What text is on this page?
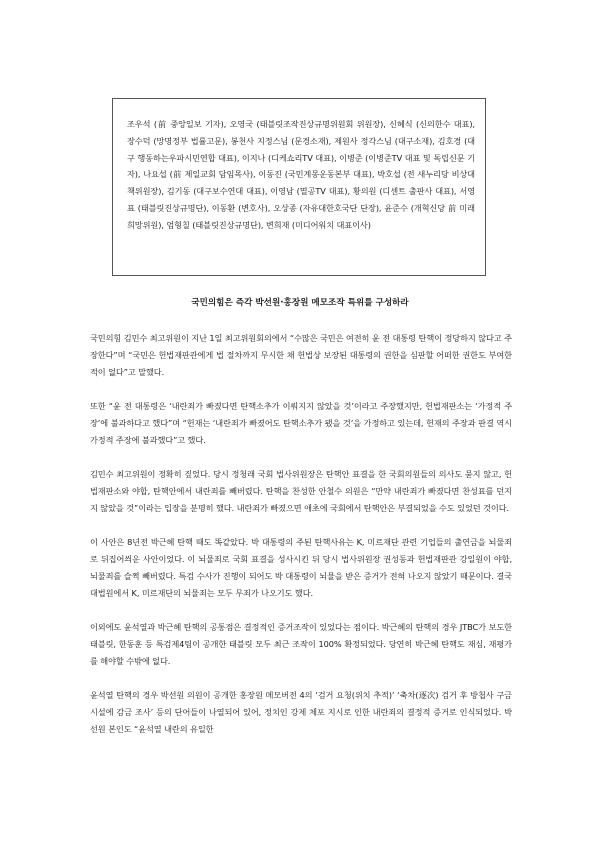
조우석 (前 중앙일보 기자), 오영국 (태블릿조작진상규명위원회 위원장), 신혜식 (신의한수 대표), 장수덕 (망명정부 법률고문), 봉천사 지정스님 (문경소재), 제원사 정각스님 (대구소재), 김호경 (대구 행동하는우파시민연합 대표), 이지나 (디케쇼리TV 대표), 이병준 (이병준TV 대표 및 독립신문 기자), 나요섭 (前 제일교회 담임목사), 이동진 (국민계몽운동본부 대표), 박호섭 (전 새누리당 비상대책위원장), 김기동 (대구보수연대 대표), 이영남 (멸공TV 대표), 황의원 (디센트 출판사 대표), 서영표 (태블릿진상규명단), 이동환 (변호사), 오상종 (자유대한호국단 단장), 윤준수 (개혁신당 前 미래희망위원), 엄형칠 (태블릿진상규명단), 변희재 (미디어워치 대표이사)

국민의힘은 즉각 박선원·홍장원 메모조작 특위를 구성하라

국민의힘 김민수 최고위원이 지난 1일 최고위원회의에서 “수많은 국민은 여전히 윤 전 대통령 탄핵이 정당하지 않다고 주장한다”며 “국민은 헌법재판관에게 법 절차까지 무시한 채 헌법상 보장된 대통령의 권한을 심판할 어떠한 권한도 부여한 적이 없다”고 말했다.

또한 “윤 전 대통령은 ‘내란죄가 빠졌다면 탄핵소추가 이뤄지지 않았을 것’이라고 주장했지만, 헌법재판소는 ‘가정적 주장’에 불과하다고 했다”며 “헌재는 ‘내란죄가 빠졌어도 탄핵소추가 됐을 것’을 가정하고 있는데, 헌재의 주장과 판결 역시 가정적 주장에 불과했다”고 했다.

김민수 최고위원이 정확히 짚었다. 당시 정청래 국회 법사위원장은 탄핵안 표결을 한 국회의원들의 의사도 묻지 않고, 헌법재판소와 야합, 탄핵안에서 내란죄를 빼버렸다. 탄핵을 찬성한 안철수 의원은 “만약 내란죄가 빠졌다면 찬성표를 던지지 않았을 것”이라는 입장을 분명히 했다. 내란죄가 빠졌으면 애초에 국회에서 탄핵안은 부결되었을 수도 있었던 것이다.

이 사안은 8년전 박근혜 탄핵 때도 똑같았다. 박 대통령의 주된 탄핵사유는 K, 미르재단 관련 기업들의 출연금을 뇌물죄로 뒤집어씌운 사안이었다. 이 뇌물죄로 국회 표결을 성사시킨 뒤 당시 법사위원장 권성동과 헌법재판관 강일원이 야합, 뇌물죄를 슬쩍 빼버렸다. 특검 수사가 진행이 되어도 박 대통령이 뇌물을 받은 증거가 전혀 나오지 않았기 때문이다. 결국 대법원에서 K, 미르재단의 뇌물죄는 모두 무죄가 나오기도 했다.

이외에도 윤석열과 박근혜 탄핵의 공통점은 결정적인 증거조작이 있었다는 점이다. 박근혜의 탄핵의 경우 JTBC가 보도한 태블릿, 한동훈 등 특검제4팀이 공개한 태블릿 모두 최근 조작이 100% 확정되었다. 당연히 박근혜 탄핵도 재심, 재평가를 해야할 수밖에 없다.

윤석열 탄핵의 경우 박선원 의원이 공개한 홍장원 메모버전 4의 ‘검거 요청(위치 추적)’ ‘축차(逐次) 검거 후 방첩사 구금 시설에 감금 조사’ 등의 단어들이 나열되어 있어, 정치인 강제 체포 지시로 인한 내란죄의 결정적 증거로 인식되었다. 박선원 본인도 “윤석열 내란의 유일한
